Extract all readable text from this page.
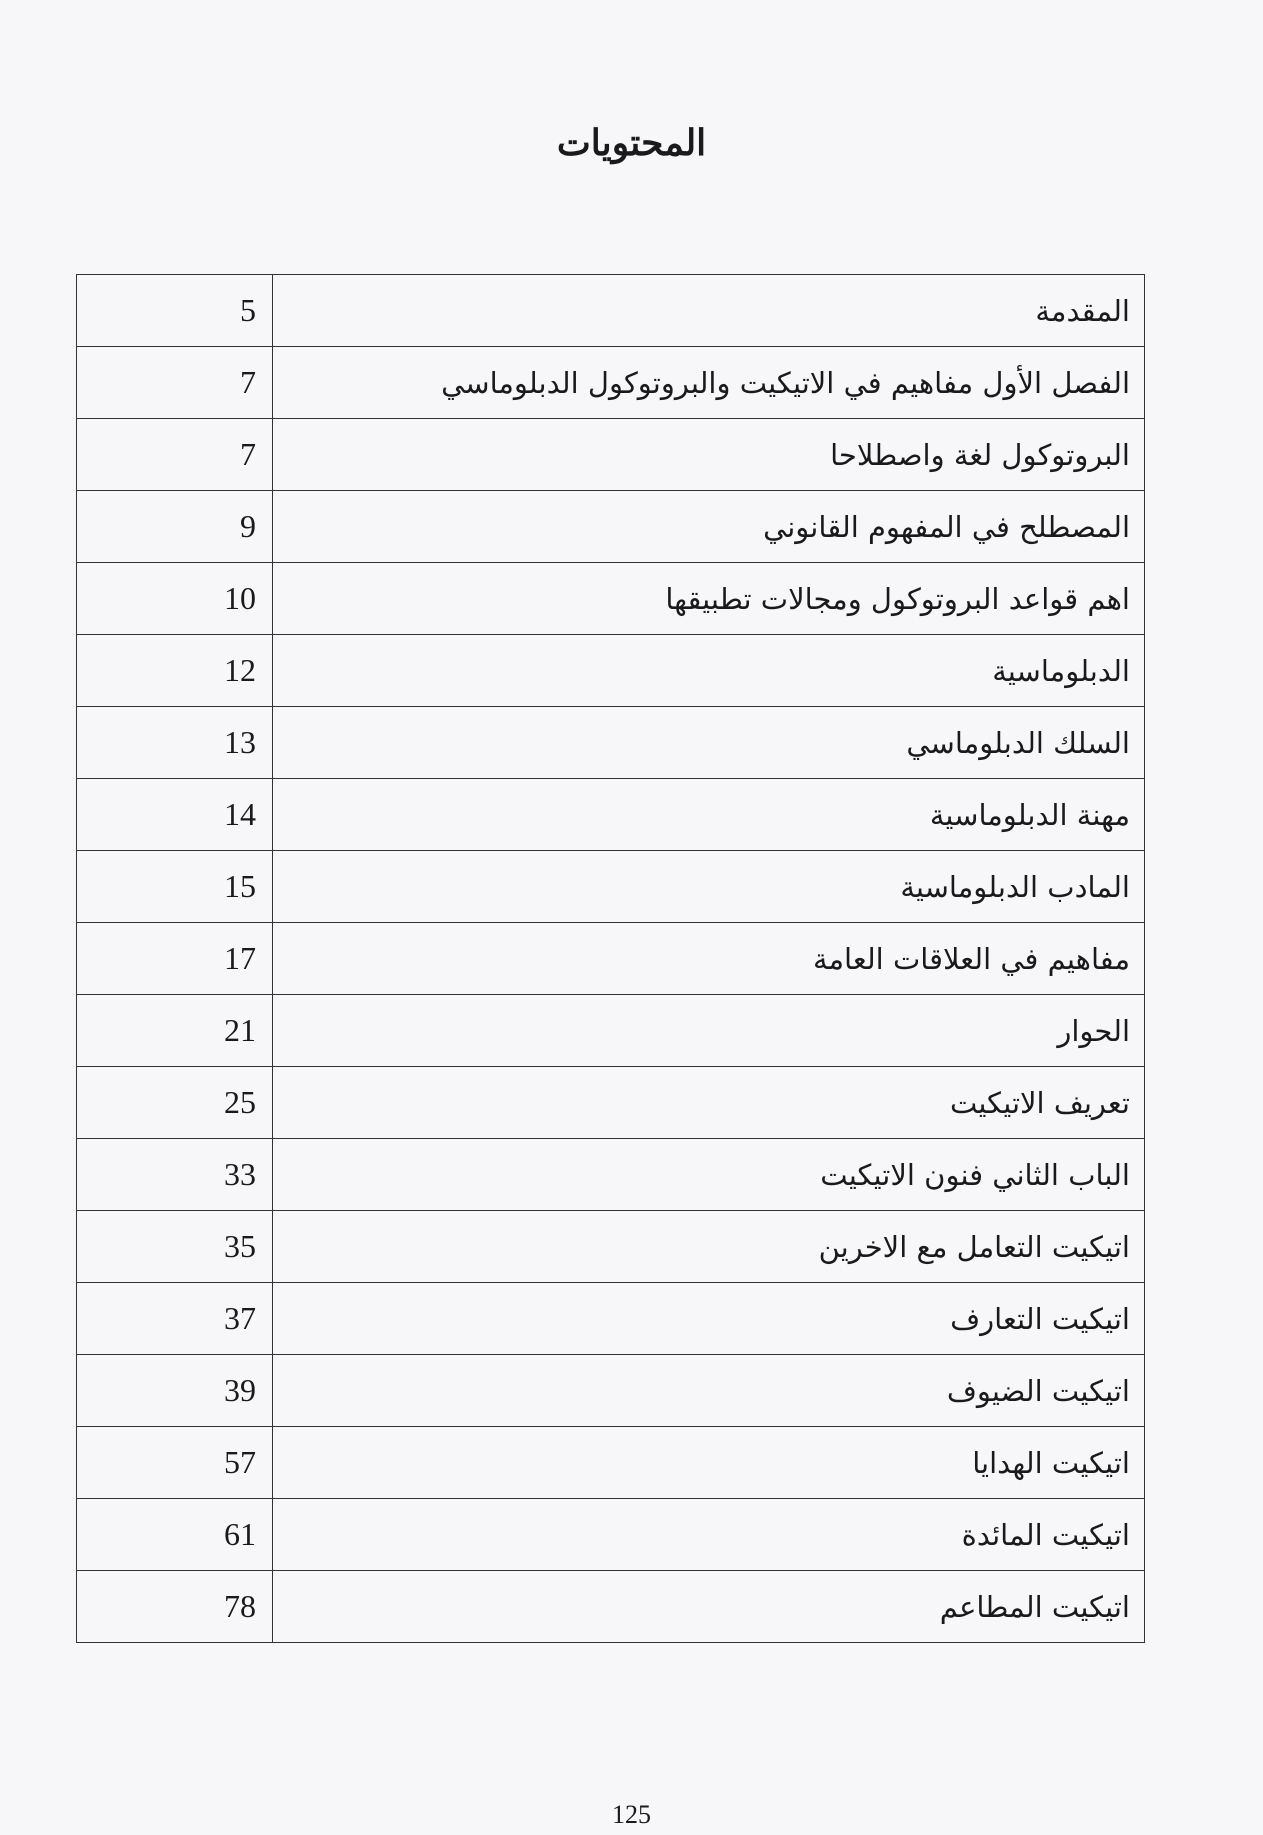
المحتويات
5	المقدمة
7	الفصل الأول مفاهيم في الاتيكيت والبروتوكول الدبلوماسي
7	البروتوكول لغة واصطلاحا
9	المصطلح في المفهوم القانوني
10	اهم قواعد البروتوكول ومجالات تطبيقها
12	الدبلوماسية
13	السلك الدبلوماسي
14	مهنة الدبلوماسية
15	المادب الدبلوماسية
17	مفاهيم في العلاقات العامة
21	الحوار
25	تعريف الاتيكيت
33	الباب الثاني فنون الاتيكيت
35	اتيكيت التعامل مع الاخرين
37	اتيكيت التعارف
39	اتيكيت الضيوف
57	اتيكيت الهدايا
61	اتيكيت المائدة
78	اتيكيت المطاعم
125
